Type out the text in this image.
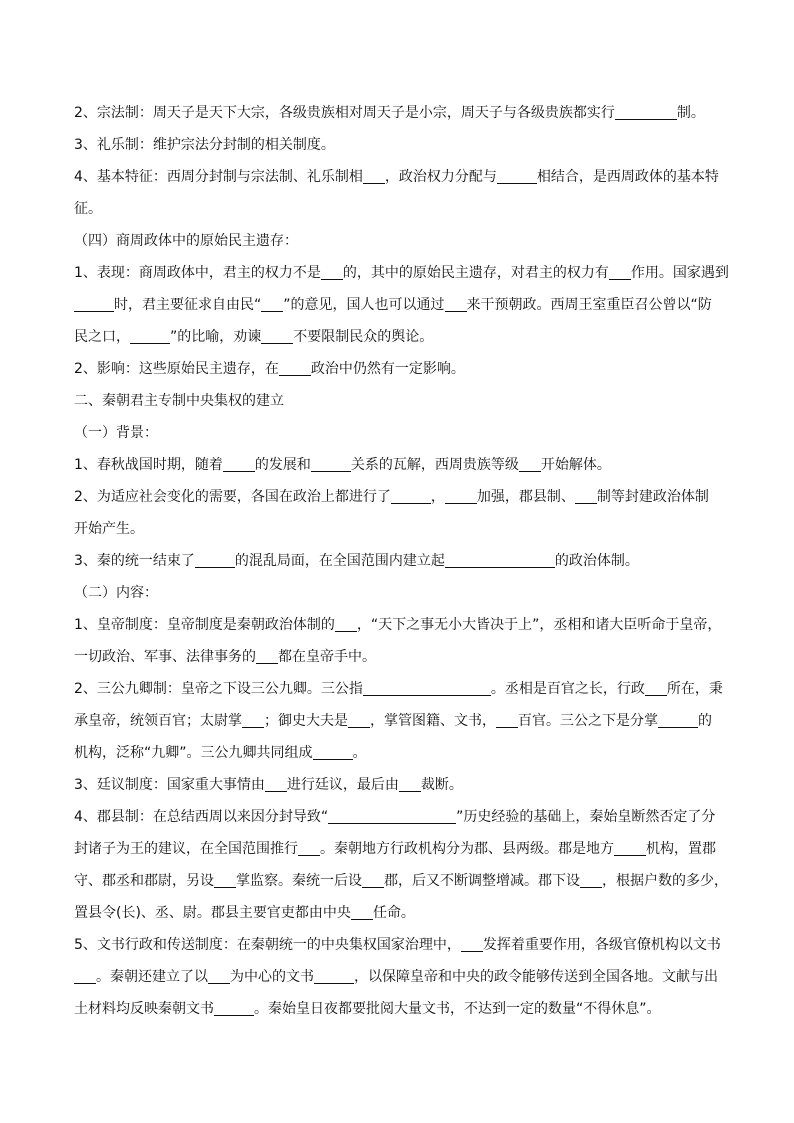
2、宗法制：周天子是天下大宗，各级贵族相对周天子是小宗，周天子与各级贵族都实行	制。
3、礼乐制：维护宗法分封制的相关制度。
4、基本特征：西周分封制与宗法制、礼乐制相 ，政治权力分配与	相结合，是西周政体的基本特
征。
（四）商周政体中的原始民主遗存：
1、表现：商周政体中，君主的权力不是 的，其中的原始民主遗存，对君主的权力有 作用。国家遇到
时，君主要征求自由民“ ”的意见，国人也可以通过 来干预朝政。西周王室重臣召公曾以“防
民之口，	”的比喻，劝谏 不要限制民众的舆论。
2、影响：这些原始民主遗存，在 政治中仍然有一定影响。
二、秦朝君主专制中央集权的建立
（一）背景：
1、春秋战国时期，随着 的发展和	关系的瓦解，西周贵族等级 开始解体。
2、为适应社会变化的需要，各国在政治上都进行了	， 加强，郡县制、 制等封建政治体制
开始产生。
3、秦的统一结束了	的混乱局面，在全国范围内建立起	的政治体制。
（二）内容：
1、皇帝制度：皇帝制度是秦朝政治体制的 ，“天下之事无小大皆决于上”，丞相和诸大臣听命于皇帝，
一切政治、军事、法律事务的 都在皇帝手中。
2、三公九卿制：皇帝之下设三公九卿。三公指	。丞相是百官之长，行政 所在，秉
承皇帝，统领百官；太尉掌 ；御史大夫是 ，掌管图籍、文书， 百官。三公之下是分掌	的
机构，泛称“九卿”。三公九卿共同组成	。
3、廷议制度：国家重大事情由 进行廷议，最后由 裁断。
4、郡县制：在总结西周以来因分封导致“	”历史经验的基础上，秦始皇断然否定了分
封诸子为王的建议，在全国范围推行 。秦朝地方行政机构分为郡、县两级。郡是地方 机构，置郡
守、郡丞和郡尉，另设 掌监察。秦统一后设 郡，后又不断调整增减。郡下设 ，根据户数的多少，
置县令(长)、丞、尉。郡县主要官吏都由中央 任命。
5、文书行政和传送制度：在秦朝统一的中央集权国家治理中， 发挥着重要作用，各级官僚机构以文书
。秦朝还建立了以 为中心的文书	，以保障皇帝和中央的政令能够传送到全国各地。文献与出
土材料均反映秦朝文书	。秦始皇日夜都要批阅大量文书，不达到一定的数量“不得休息”。
